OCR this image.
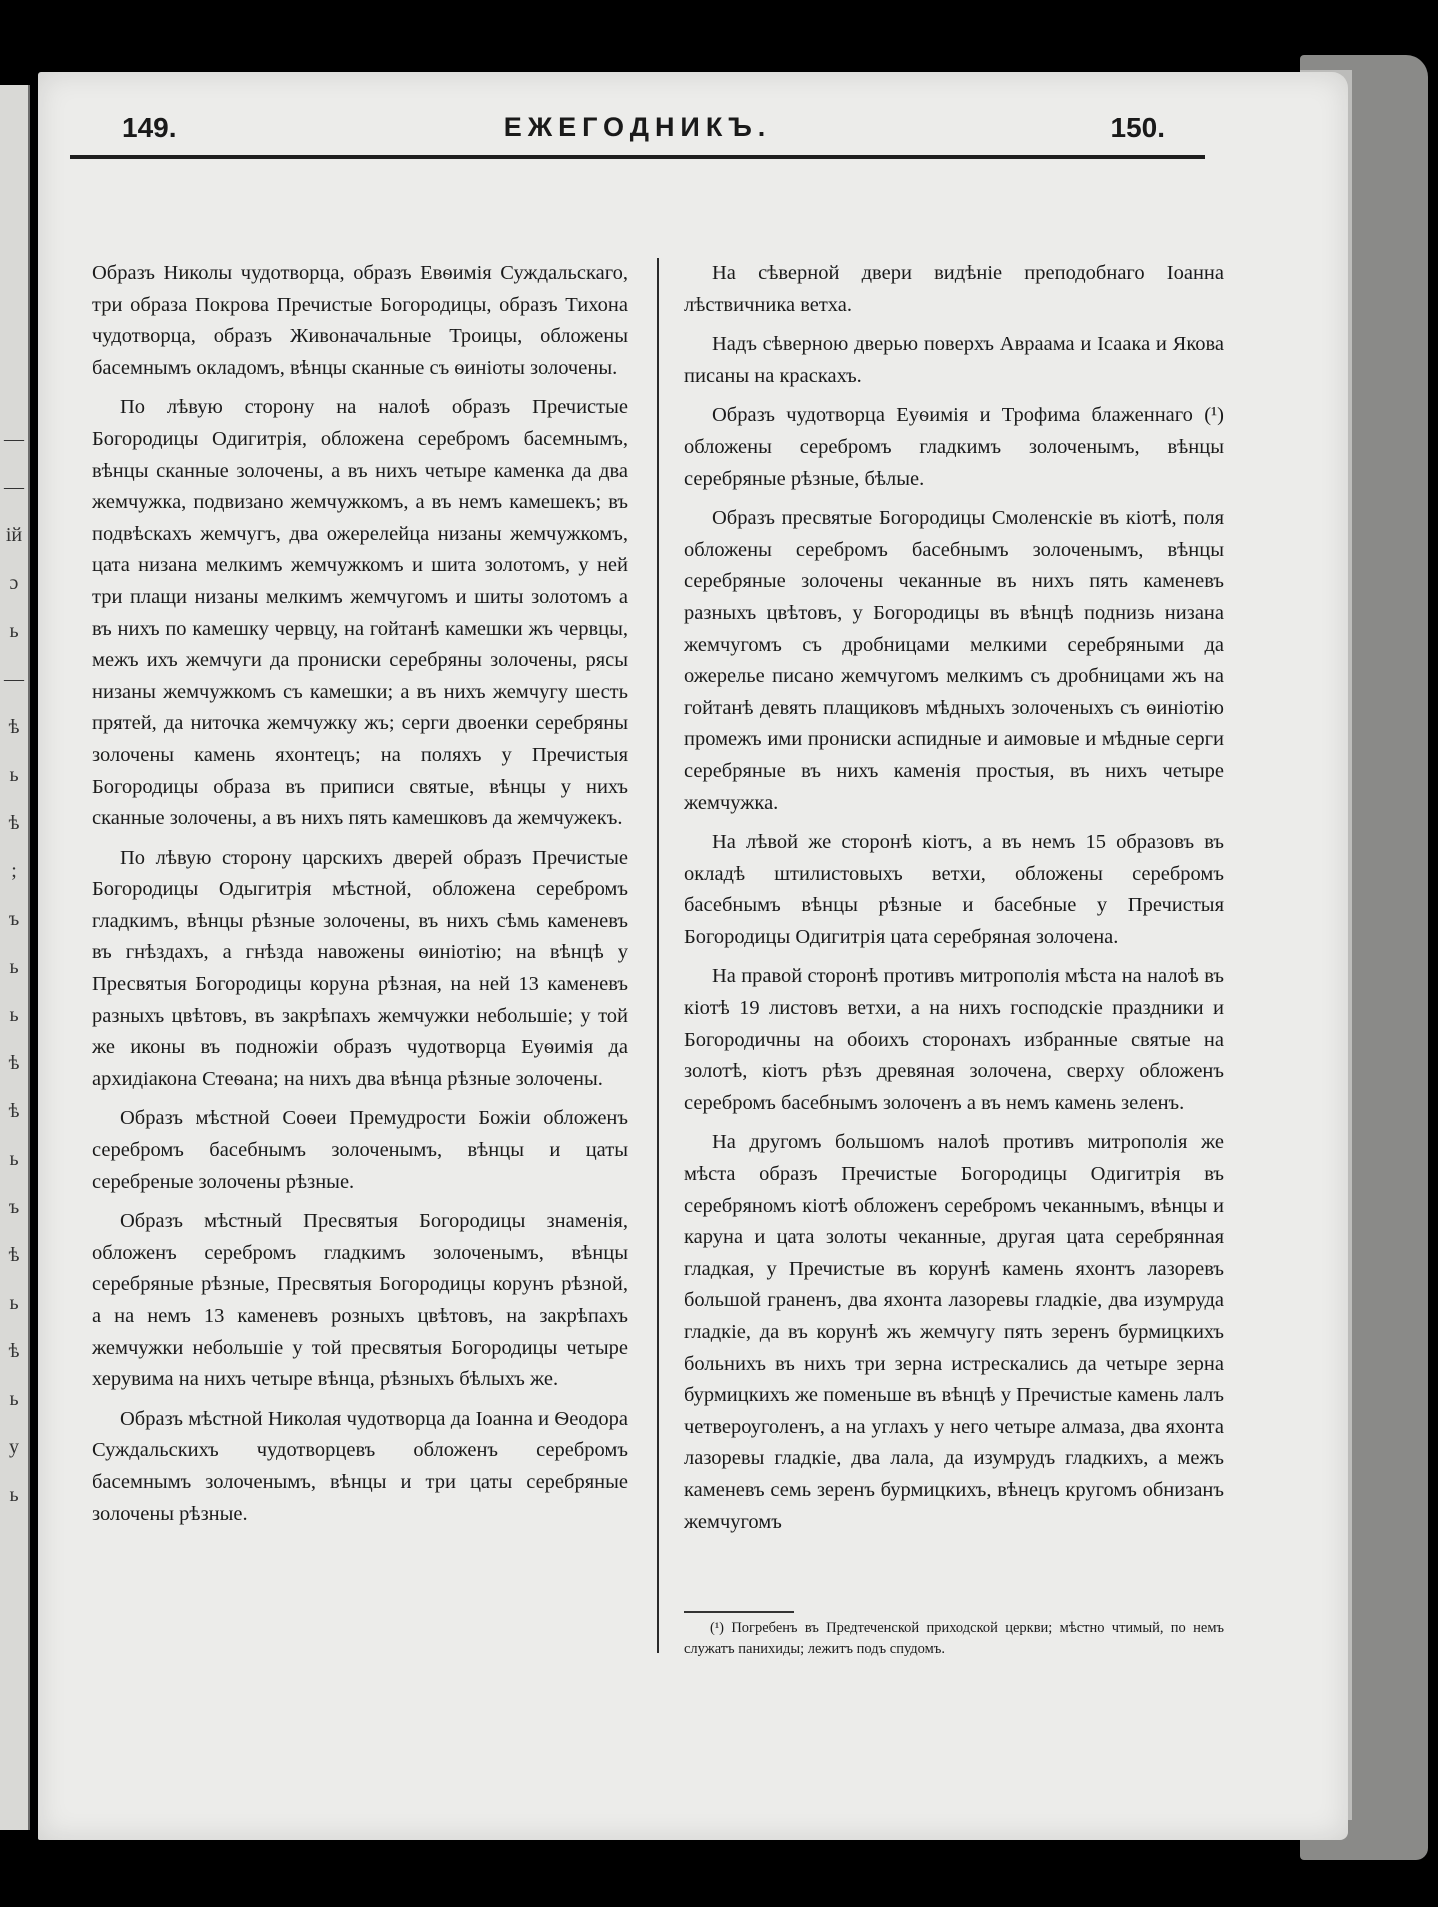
—
—
ій
ɔ
ь
—
ѣ
ь
ѣ
;
ъ
ь
ь
ѣ
ѣ
ь
ъ
ѣ
ь
ѣ
ь
у
ь
149.	ЕЖЕГОДНИКЪ.	150.

Образъ Николы чудотворца, образъ Евѳимія Суждальскаго, три образа Покрова Пречистые Богородицы, образъ Тихона чудотворца, образъ Живоначальные Троицы, обложены басемнымъ окладомъ, вѣнцы сканные съ ѳиніоты золочены.

По лѣвую сторону на налоѣ образъ Пречистые Богородицы Одигитрія, обложена серебромъ басемнымъ, вѣнцы сканные золочены, а въ нихъ четыре каменка да два жемчужка, подвизано жемчужкомъ, а въ немъ камешекъ; въ подвѣскахъ жемчугъ, два ожерелейца низаны жемчужкомъ, цата низана мелкимъ жемчужкомъ и шита золотомъ, у ней три плащи низаны мелкимъ жемчугомъ и шиты золотомъ а въ нихъ по камешку червцу, на гойтанѣ камешки жъ червцы, межъ ихъ жемчуги да прониски серебряны золочены, рясы низаны жемчужкомъ съ камешки; а въ нихъ жемчугу шесть прятей, да ниточка жемчужку жъ; серги двоенки серебряны золочены камень яхонтецъ; на поляхъ у Пречистыя Богородицы образа въ приписи святые, вѣнцы у нихъ сканные золочены, а въ нихъ пять камешковъ да жемчужекъ.

По лѣвую сторону царскихъ дверей образъ Пречистые Богородицы Одыгитрія мѣстной, обложена серебромъ гладкимъ, вѣнцы рѣзные золочены, въ нихъ сѣмь каменевъ въ гнѣздахъ, а гнѣзда навожены ѳиніотію; на вѣнцѣ у Пресвятыя Богородицы коруна рѣзная, на ней 13 каменевъ разныхъ цвѣтовъ, въ закрѣпахъ жемчужки небольшіе; у той же иконы въ подножіи образъ чудотворца Еуѳимія да архидіакона Стеѳана; на нихъ два вѣнца рѣзные золочены.

Образъ мѣстной Соѳеи Премудрости Божіи обложенъ серебромъ басебнымъ золоченымъ, вѣнцы и цаты серебреные золочены рѣзные.

Образъ мѣстный Пресвятыя Богородицы знаменія, обложенъ серебромъ гладкимъ золоченымъ, вѣнцы серебряные рѣзные, Пресвятыя Богородицы корунъ рѣзной, а на немъ 13 каменевъ розныхъ цвѣтовъ, на закрѣпахъ жемчужки небольшіе у той пресвятыя Богородицы четыре херувима на нихъ четыре вѣнца, рѣзныхъ бѣлыхъ же.

Образъ мѣстной Николая чудотворца да Іоанна и Ѳеодора Суждальскихъ чудотворцевъ обложенъ серебромъ басемнымъ золоченымъ, вѣнцы и три цаты серебряные золочены рѣзные.

На сѣверной двери видѣніе преподобнаго Іоанна лѣствичника ветха.

Надъ сѣверною дверью поверхъ Авраама и Ісаака и Якова писаны на краскахъ.

Образъ чудотворца Еуѳимія и Трофима блаженнаго (¹) обложены серебромъ гладкимъ золоченымъ, вѣнцы серебряные рѣзные, бѣлые.

Образъ пресвятые Богородицы Смоленскіе въ кіотѣ, поля обложены серебромъ басебнымъ золоченымъ, вѣнцы серебряные золочены чеканные въ нихъ пять каменевъ разныхъ цвѣтовъ, у Богородицы въ вѣнцѣ поднизь низана жемчугомъ съ дробницами мелкими серебряными да ожерелье писано жемчугомъ мелкимъ съ дробницами жъ на гойтанѣ девять плащиковъ мѣдныхъ золоченыхъ съ ѳиніотію промежъ ими прониски аспидные и аимовые и мѣдные серги серебряные въ нихъ каменія простыя, въ нихъ четыре жемчужка.

На лѣвой же сторонѣ кіотъ, а въ немъ 15 образовъ въ окладѣ штилистовыхъ ветхи, обложены серебромъ басебнымъ вѣнцы рѣзные и басебные у Пречистыя Богородицы Одигитрія цата серебряная золочена.

На правой сторонѣ противъ митрополія мѣста на налоѣ въ кіотѣ 19 листовъ ветхи, а на нихъ господскіе праздники и Богородичны на обоихъ сторонахъ избранные святые на золотѣ, кіотъ рѣзъ древяная золочена, сверху обложенъ серебромъ басебнымъ золоченъ а въ немъ камень зеленъ.

На другомъ большомъ налоѣ противъ митрополія же мѣста образъ Пречистые Богородицы Одигитрія въ серебряномъ кіотѣ обложенъ серебромъ чеканнымъ, вѣнцы и каруна и цата золоты чеканные, другая цата серебрянная гладкая, у Пречистые въ корунѣ камень яхонтъ лазоревъ большой граненъ, два яхонта лазоревы гладкіе, два изумруда гладкіе, да въ корунѣ жъ жемчугу пять зеренъ бурмицкихъ больнихъ въ нихъ три зерна истрескались да четыре зерна бурмицкихъ же поменьше въ вѣнцѣ у Пречистые камень лалъ четвероуголенъ, а на углахъ у него четыре алмаза, два яхонта лазоревы гладкіе, два лала, да изумрудъ гладкихъ, а межъ каменевъ семь зеренъ бурмицкихъ, вѣнецъ кругомъ обнизанъ жемчугомъ

(¹) Погребенъ въ Предтеченской приходской церкви; мѣстно чтимый, по немъ служатъ панихиды; лежитъ подъ спудомъ.
